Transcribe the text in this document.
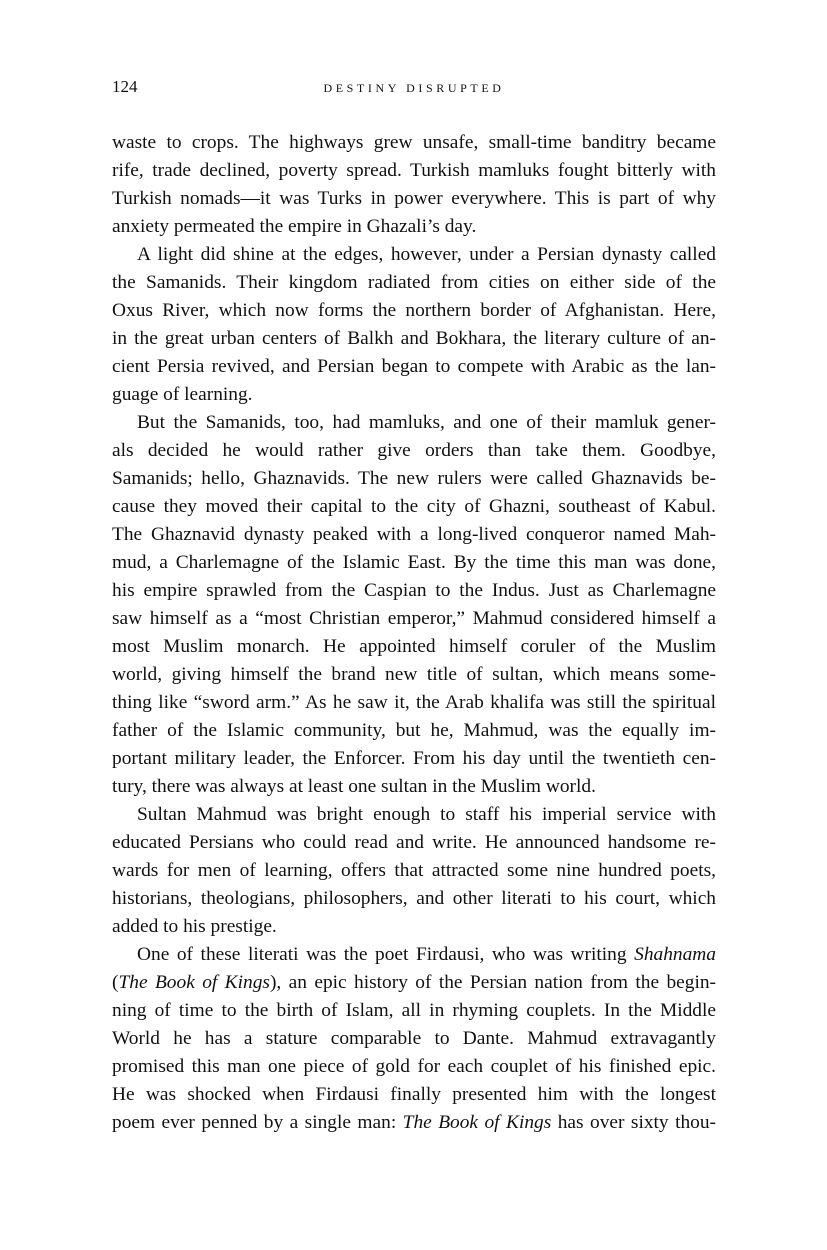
124	DESTINY DISRUPTED
waste to crops. The highways grew unsafe, small-time banditry became
rife, trade declined, poverty spread. Turkish mamluks fought bitterly with
Turkish nomads—it was Turks in power everywhere. This is part of why
anxiety permeated the empire in Ghazali’s day.
A light did shine at the edges, however, under a Persian dynasty called
the Samanids. Their kingdom radiated from cities on either side of the
Oxus River, which now forms the northern border of Afghanistan. Here,
in the great urban centers of Balkh and Bokhara, the literary culture of an-
cient Persia revived, and Persian began to compete with Arabic as the lan-
guage of learning.
But the Samanids, too, had mamluks, and one of their mamluk gener-
als decided he would rather give orders than take them. Goodbye,
Samanids; hello, Ghaznavids. The new rulers were called Ghaznavids be-
cause they moved their capital to the city of Ghazni, southeast of Kabul.
The Ghaznavid dynasty peaked with a long-lived conqueror named Mah-
mud, a Charlemagne of the Islamic East. By the time this man was done,
his empire sprawled from the Caspian to the Indus. Just as Charlemagne
saw himself as a “most Christian emperor,” Mahmud considered himself a
most Muslim monarch. He appointed himself coruler of the Muslim
world, giving himself the brand new title of sultan, which means some-
thing like “sword arm.” As he saw it, the Arab khalifa was still the spiritual
father of the Islamic community, but he, Mahmud, was the equally im-
portant military leader, the Enforcer. From his day until the twentieth cen-
tury, there was always at least one sultan in the Muslim world.
Sultan Mahmud was bright enough to staff his imperial service with
educated Persians who could read and write. He announced handsome re-
wards for men of learning, offers that attracted some nine hundred poets,
historians, theologians, philosophers, and other literati to his court, which
added to his prestige.
One of these literati was the poet Firdausi, who was writing Shahnama
(The Book of Kings), an epic history of the Persian nation from the begin-
ning of time to the birth of Islam, all in rhyming couplets. In the Middle
World he has a stature comparable to Dante. Mahmud extravagantly
promised this man one piece of gold for each couplet of his finished epic.
He was shocked when Firdausi finally presented him with the longest
poem ever penned by a single man: The Book of Kings has over sixty thou-
